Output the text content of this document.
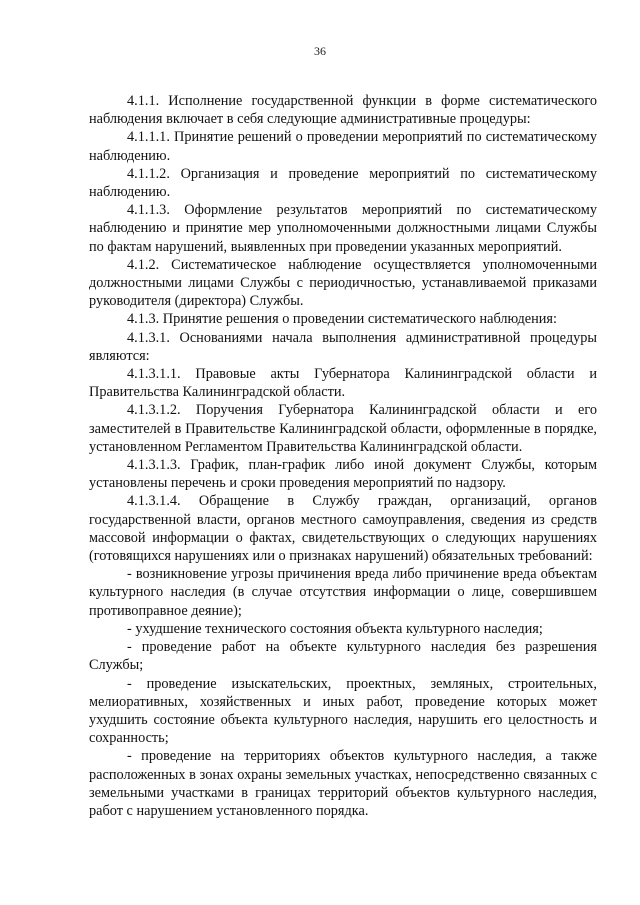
36

4.1.1. Исполнение государственной функции в форме систематического наблюдения включает в себя следующие административные процедуры:

4.1.1.1. Принятие решений о проведении мероприятий по систематическому наблюдению.

4.1.1.2. Организация и проведение мероприятий по систематическому наблюдению.

4.1.1.3. Оформление результатов мероприятий по систематическому наблюдению и принятие мер уполномоченными должностными лицами Службы по фактам нарушений, выявленных при проведении указанных мероприятий.

4.1.2. Систематическое наблюдение осуществляется уполномоченными должностными лицами Службы с периодичностью, устанавливаемой приказами руководителя (директора) Службы.

4.1.3. Принятие решения о проведении систематического наблюдения:

4.1.3.1. Основаниями начала выполнения административной процедуры являются:

4.1.3.1.1. Правовые акты Губернатора Калининградской области и Правительства Калининградской области.

4.1.3.1.2. Поручения Губернатора Калининградской области и его заместителей в Правительстве Калининградской области, оформленные в порядке, установленном Регламентом Правительства Калининградской области.

4.1.3.1.3. График, план-график либо иной документ Службы, которым установлены перечень и сроки проведения мероприятий по надзору.

4.1.3.1.4. Обращение в Службу граждан, организаций, органов государственной власти, органов местного самоуправления, сведения из средств массовой информации о фактах, свидетельствующих о следующих нарушениях (готовящихся нарушениях или о признаках нарушений) обязательных требований:

- возникновение угрозы причинения вреда либо причинение вреда объектам культурного наследия (в случае отсутствия информации о лице, совершившем противоправное деяние);

- ухудшение технического состояния объекта культурного наследия;

- проведение работ на объекте культурного наследия без разрешения Службы;

- проведение изыскательских, проектных, земляных, строительных, мелиоративных, хозяйственных и иных работ, проведение которых может ухудшить состояние объекта культурного наследия, нарушить его целостность и сохранность;

- проведение на территориях объектов культурного наследия, а также расположенных в зонах охраны земельных участках, непосредственно связанных с земельными участками в границах территорий объектов культурного наследия, работ с нарушением установленного порядка.
